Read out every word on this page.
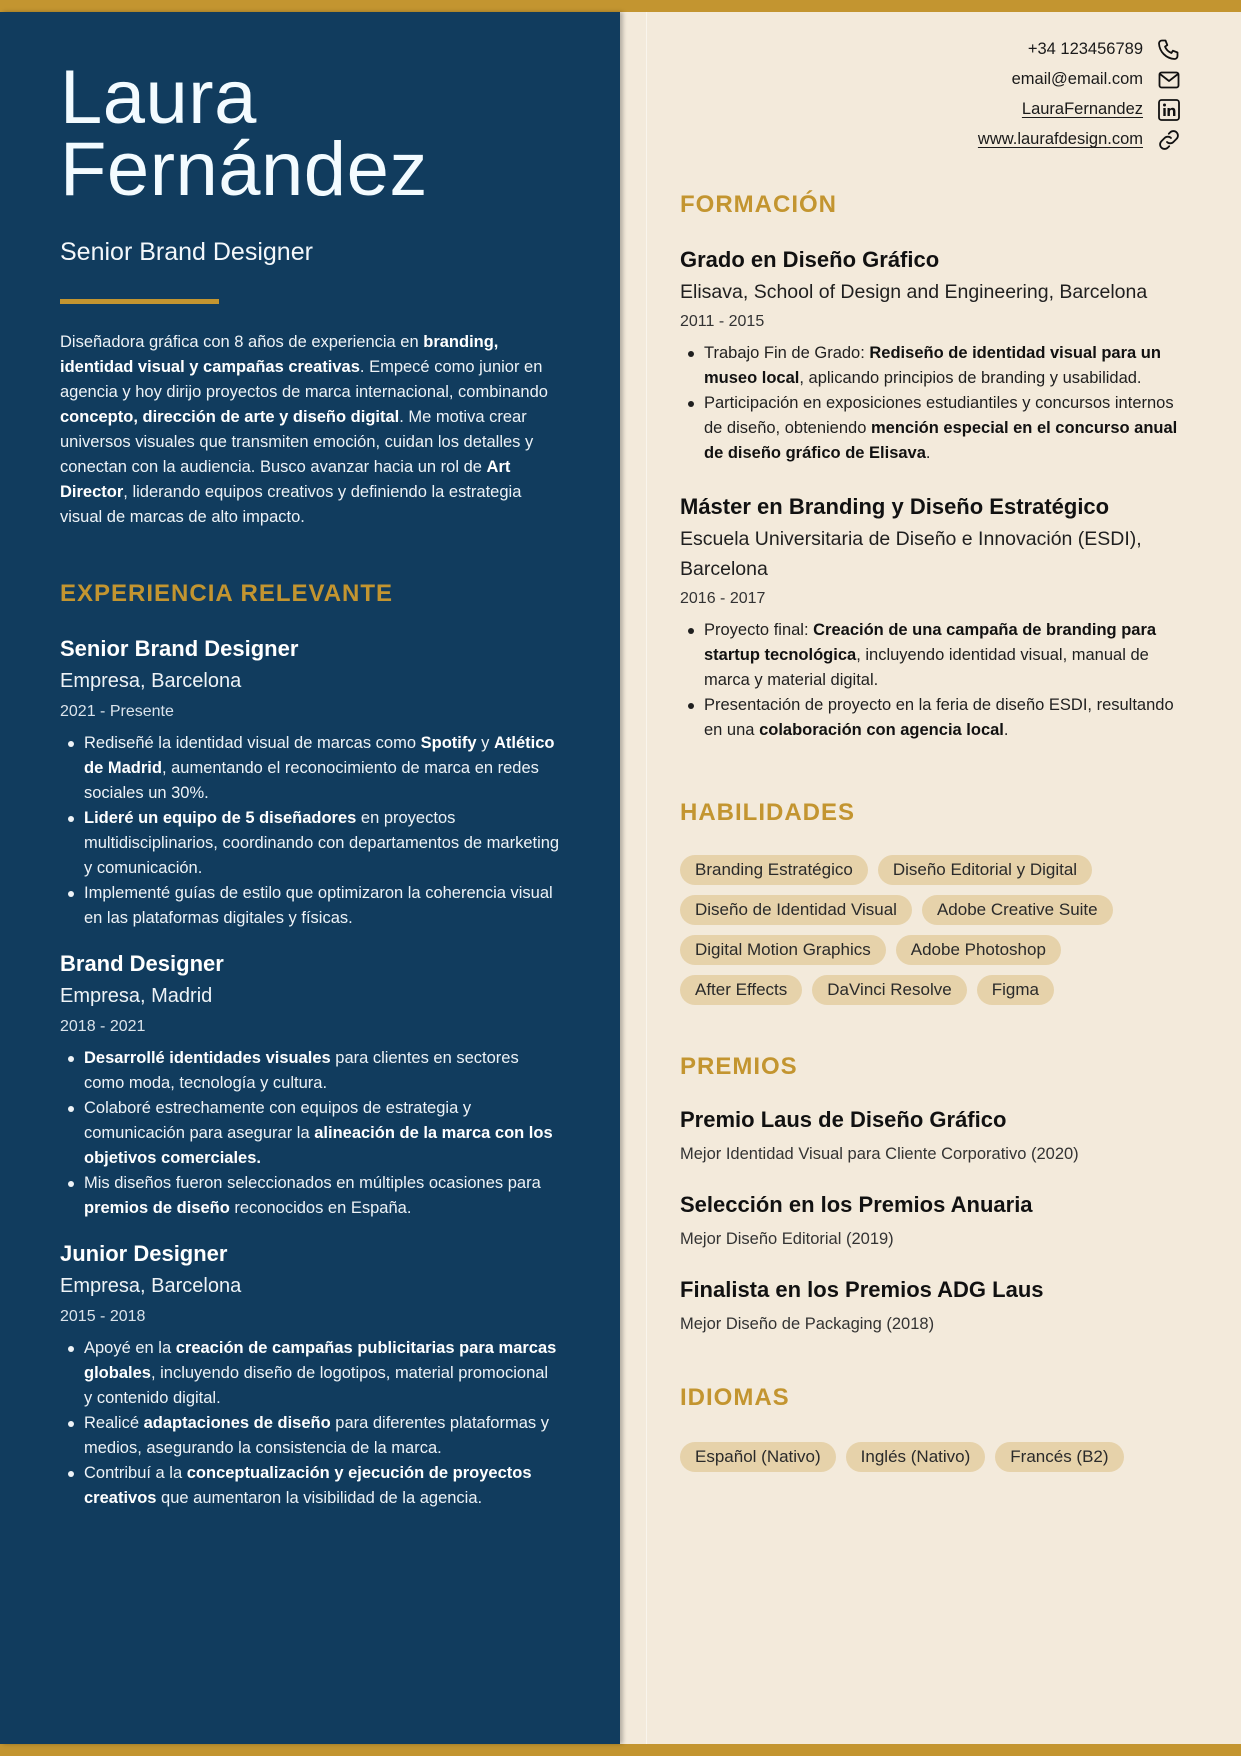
Laura
Fernández
Senior Brand Designer

Diseñadora gráfica con 8 años de experiencia en branding, identidad visual y campañas creativas. Empecé como junior en agencia y hoy dirijo proyectos de marca internacional, combinando concepto, dirección de arte y diseño digital. Me motiva crear universos visuales que transmiten emoción, cuidan los detalles y conectan con la audiencia. Busco avanzar hacia un rol de Art Director, liderando equipos creativos y definiendo la estrategia visual de marcas de alto impacto.

EXPERIENCIA RELEVANTE
Senior Brand Designer
Empresa, Barcelona
2021 - Presente
Rediseñé la identidad visual de marcas como Spotify y Atlético de Madrid, aumentando el reconocimiento de marca en redes sociales un 30%.
Lideré un equipo de 5 diseñadores en proyectos multidisciplinarios, coordinando con departamentos de marketing y comunicación.
Implementé guías de estilo que optimizaron la coherencia visual en las plataformas digitales y físicas.
Brand Designer
Empresa, Madrid
2018 - 2021
Desarrollé identidades visuales para clientes en sectores como moda, tecnología y cultura.
Colaboré estrechamente con equipos de estrategia y comunicación para asegurar la alineación de la marca con los objetivos comerciales.
Mis diseños fueron seleccionados en múltiples ocasiones para premios de diseño reconocidos en España.
Junior Designer
Empresa, Barcelona
2015 - 2018
Apoyé en la creación de campañas publicitarias para marcas globales, incluyendo diseño de logotipos, material promocional y contenido digital.
Realicé adaptaciones de diseño para diferentes plataformas y medios, asegurando la consistencia de la marca.
Contribuí a la conceptualización y ejecución de proyectos creativos que aumentaron la visibilidad de la agencia.
+34 123456789
email@email.com
LauraFernandez
www.laurafdesign.com
FORMACIÓN
Grado en Diseño Gráfico
Elisava, School of Design and Engineering, Barcelona
2011 - 2015
Trabajo Fin de Grado: Rediseño de identidad visual para un museo local, aplicando principios de branding y usabilidad.
Participación en exposiciones estudiantiles y concursos internos de diseño, obteniendo mención especial en el concurso anual de diseño gráfico de Elisava.
Máster en Branding y Diseño Estratégico
Escuela Universitaria de Diseño e Innovación (ESDI), Barcelona
2016 - 2017
Proyecto final: Creación de una campaña de branding para startup tecnológica, incluyendo identidad visual, manual de marca y material digital.
Presentación de proyecto en la feria de diseño ESDI, resultando en una colaboración con agencia local.
HABILIDADES
Branding Estratégico	Diseño Editorial y Digital
Diseño de Identidad Visual	Adobe Creative Suite
Digital Motion Graphics	Adobe Photoshop
After Effects	DaVinci Resolve	Figma
PREMIOS
Premio Laus de Diseño Gráfico
Mejor Identidad Visual para Cliente Corporativo (2020)
Selección en los Premios Anuaria
Mejor Diseño Editorial (2019)
Finalista en los Premios ADG Laus
Mejor Diseño de Packaging (2018)
IDIOMAS
Español (Nativo)	Inglés (Nativo)	Francés (B2)
